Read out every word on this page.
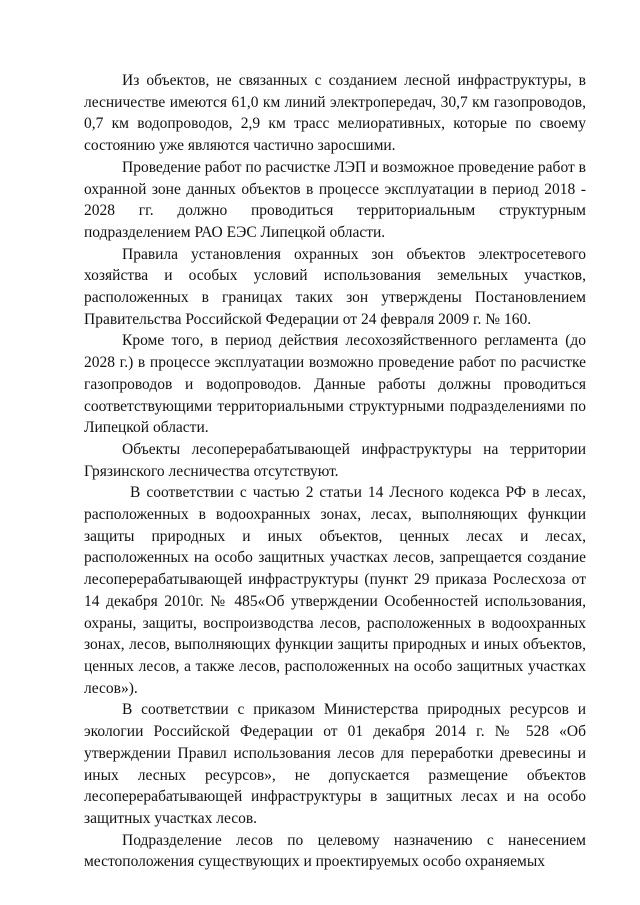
Из объектов, не связанных с созданием лесной инфраструктуры, в лесничестве имеются 61,0 км линий электропередач, 30,7 км газопроводов, 0,7 км водопроводов, 2,9 км трасс мелиоративных, которые по своему состоянию уже являются частично заросшими.

Проведение работ по расчистке ЛЭП и возможное проведение работ в охранной зоне данных объектов в процессе эксплуатации в период 2018 - 2028 гг. должно проводиться территориальным структурным подразделением РАО ЕЭС Липецкой области.

Правила установления охранных зон объектов электросетевого хозяйства и особых условий использования земельных участков, расположенных в границах таких зон утверждены Постановлением Правительства Российской Федерации от 24 февраля 2009 г. № 160.

Кроме того, в период действия лесохозяйственного регламента (до 2028 г.) в процессе эксплуатации возможно проведение работ по расчистке газопроводов и водопроводов. Данные работы должны проводиться соответствующими территориальными структурными подразделениями по Липецкой области.

Объекты лесоперерабатывающей инфраструктуры на территории Грязинского лесничества отсутствуют.

В соответствии с частью 2 статьи 14 Лесного кодекса РФ в лесах, расположенных в водоохранных зонах, лесах, выполняющих функции защиты природных и иных объектов, ценных лесах и лесах, расположенных на особо защитных участках лесов, запрещается создание лесоперерабатывающей инфраструктуры (пункт 29 приказа Рослесхоза от 14 декабря 2010г. № 485«Об утверждении Особенностей использования, охраны, защиты, воспроизводства лесов, расположенных в водоохранных зонах, лесов, выполняющих функции защиты природных и иных объектов, ценных лесов, а также лесов, расположенных на особо защитных участках лесов»).

В соответствии с приказом Министерства природных ресурсов и экологии Российской Федерации от 01 декабря 2014 г. № 528 «Об утверждении Правил использования лесов для переработки древесины и иных лесных ресурсов», не допускается размещение объектов лесоперерабатывающей инфраструктуры в защитных лесах и на особо защитных участках лесов.

Подразделение лесов по целевому назначению с нанесением местоположения существующих и проектируемых особо охраняемых
